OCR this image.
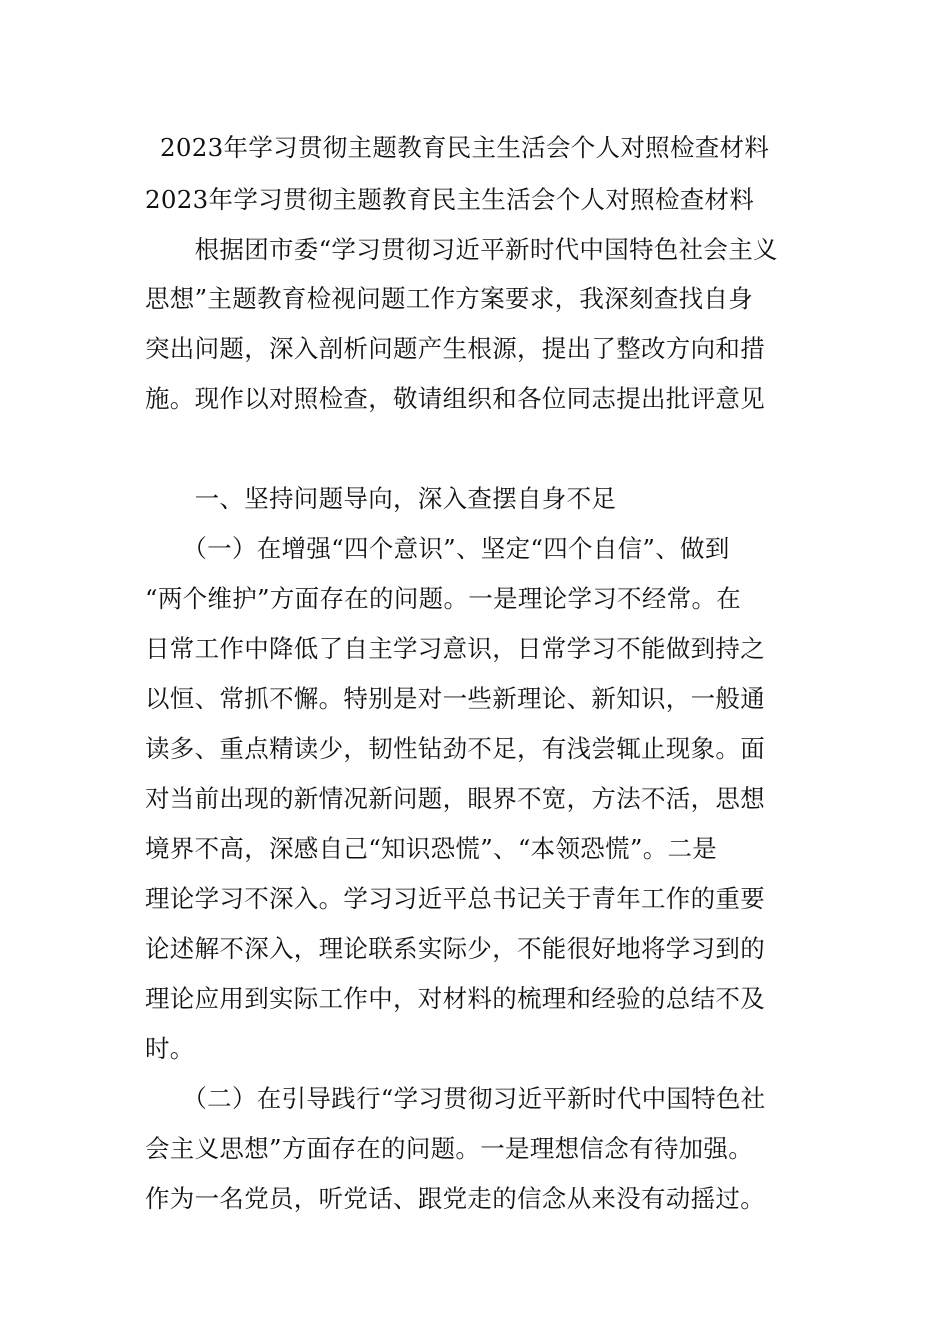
2023年学习贯彻主题教育民主生活会个人对照检查材料
2023年学习贯彻主题教育民主生活会个人对照检查材料
　　根据团市委“学习贯彻习近平新时代中国特色社会主义
思想”主题教育检视问题工作方案要求，我深刻查找自身
突出问题，深入剖析问题产生根源，提出了整改方向和措
施。现作以对照检查，敬请组织和各位同志提出批评意见
　　一、坚持问题导向，深入查摆自身不足
　　（一）在增强“四个意识”、坚定“四个自信”、做到
“两个维护”方面存在的问题。一是理论学习不经常。在
日常工作中降低了自主学习意识，日常学习不能做到持之
以恒、常抓不懈。特别是对一些新理论、新知识，一般通
读多、重点精读少，韧性钻劲不足，有浅尝辄止现象。面
对当前出现的新情况新问题，眼界不宽，方法不活，思想
境界不高，深感自己“知识恐慌”、“本领恐慌”。二是
理论学习不深入。学习习近平总书记关于青年工作的重要
论述解不深入，理论联系实际少，不能很好地将学习到的
理论应用到实际工作中，对材料的梳理和经验的总结不及
时。
　　（二）在引导践行“学习贯彻习近平新时代中国特色社
会主义思想”方面存在的问题。一是理想信念有待加强。
作为一名党员，听党话、跟党走的信念从来没有动摇过。
